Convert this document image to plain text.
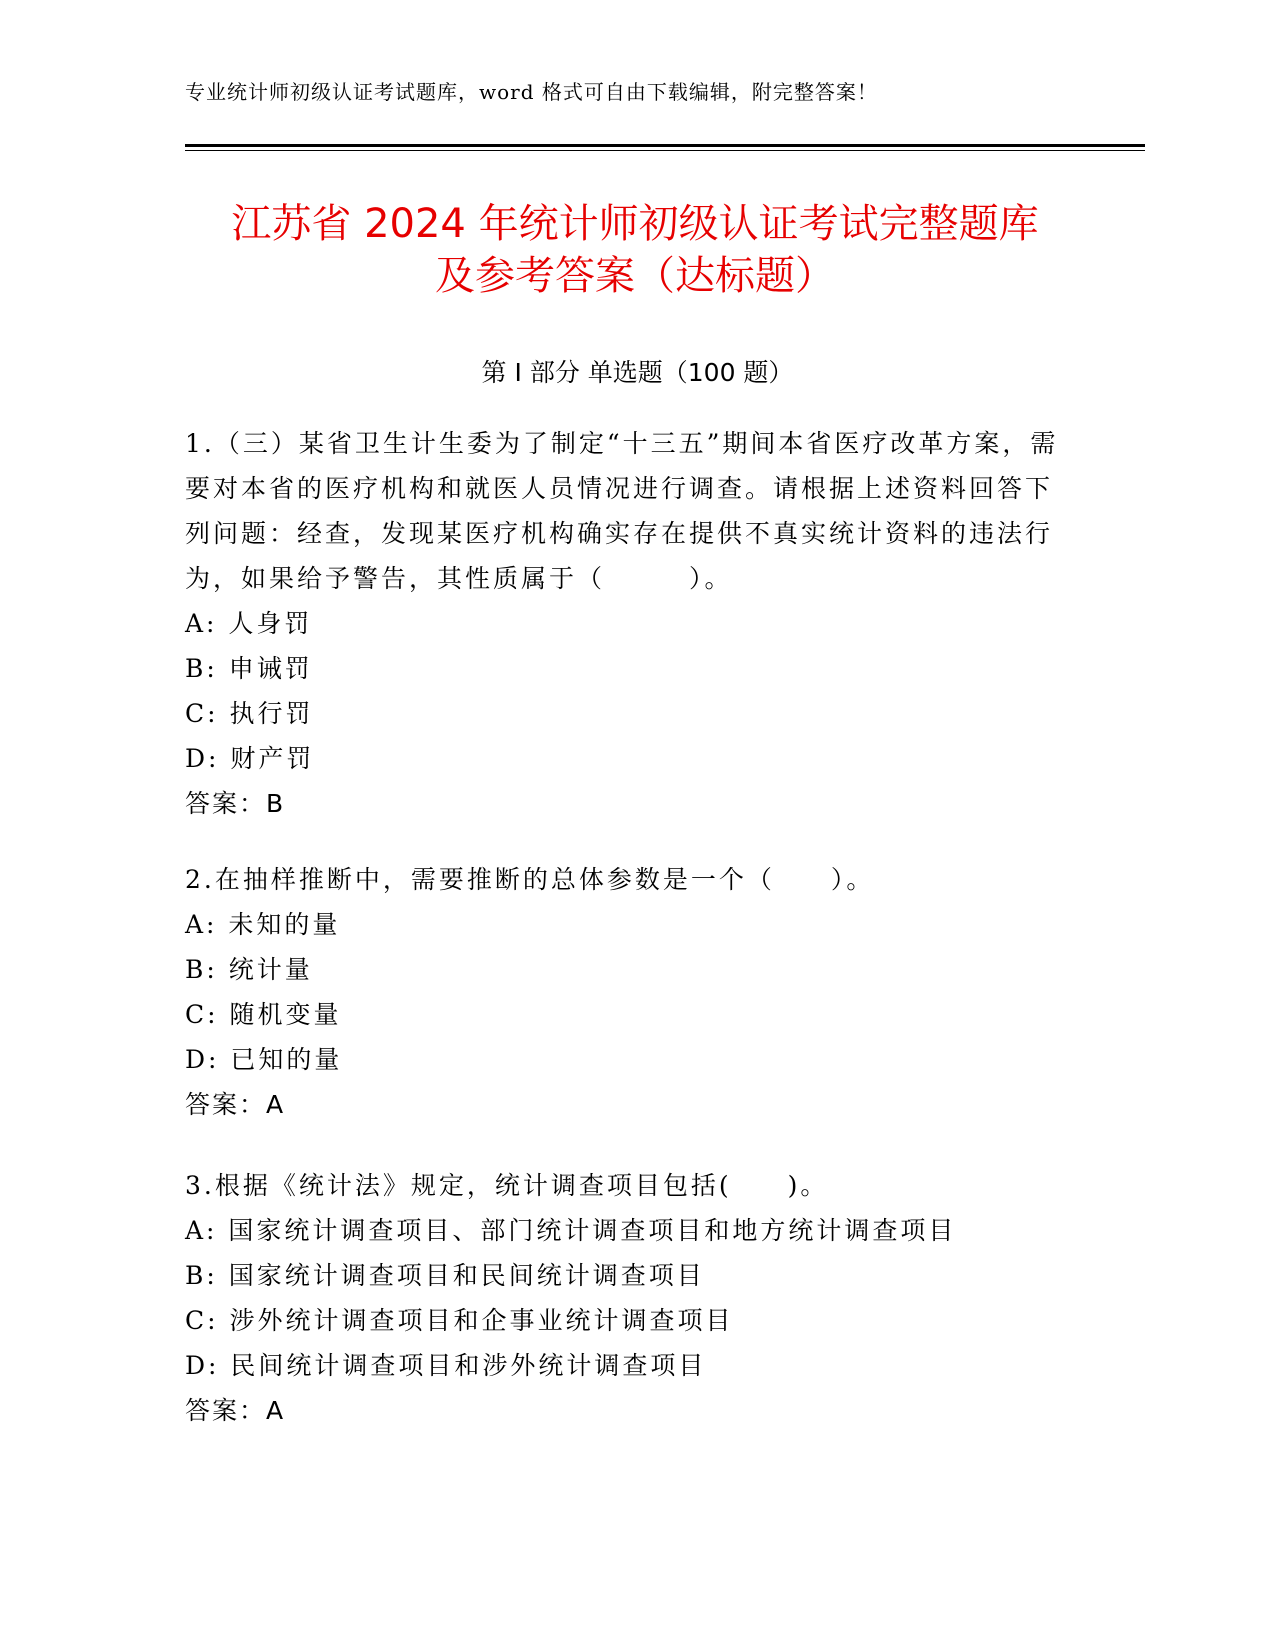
专业统计师初级认证考试题库，word 格式可自由下载编辑，附完整答案！
江苏省 2024 年统计师初级认证考试完整题库
及参考答案（达标题）
第 I 部分 单选题（100 题）
1.（三）某省卫生计生委为了制定“十三五”期间本省医疗改革方案，需要对本省的医疗机构和就医人员情况进行调查。请根据上述资料回答下列问题：经查，发现某医疗机构确实存在提供不真实统计资料的违法行为，如果给予警告，其性质属于（　　　）。
A: 人身罚
B: 申诫罚
C: 执行罚
D: 财产罚
答案：B
2.在抽样推断中，需要推断的总体参数是一个（　　）。
A: 未知的量
B: 统计量
C: 随机变量
D: 已知的量
答案：A
3.根据《统计法》规定，统计调查项目包括(　　)。
A: 国家统计调查项目、部门统计调查项目和地方统计调查项目
B: 国家统计调查项目和民间统计调查项目
C: 涉外统计调查项目和企事业统计调查项目
D: 民间统计调查项目和涉外统计调查项目
答案：A
